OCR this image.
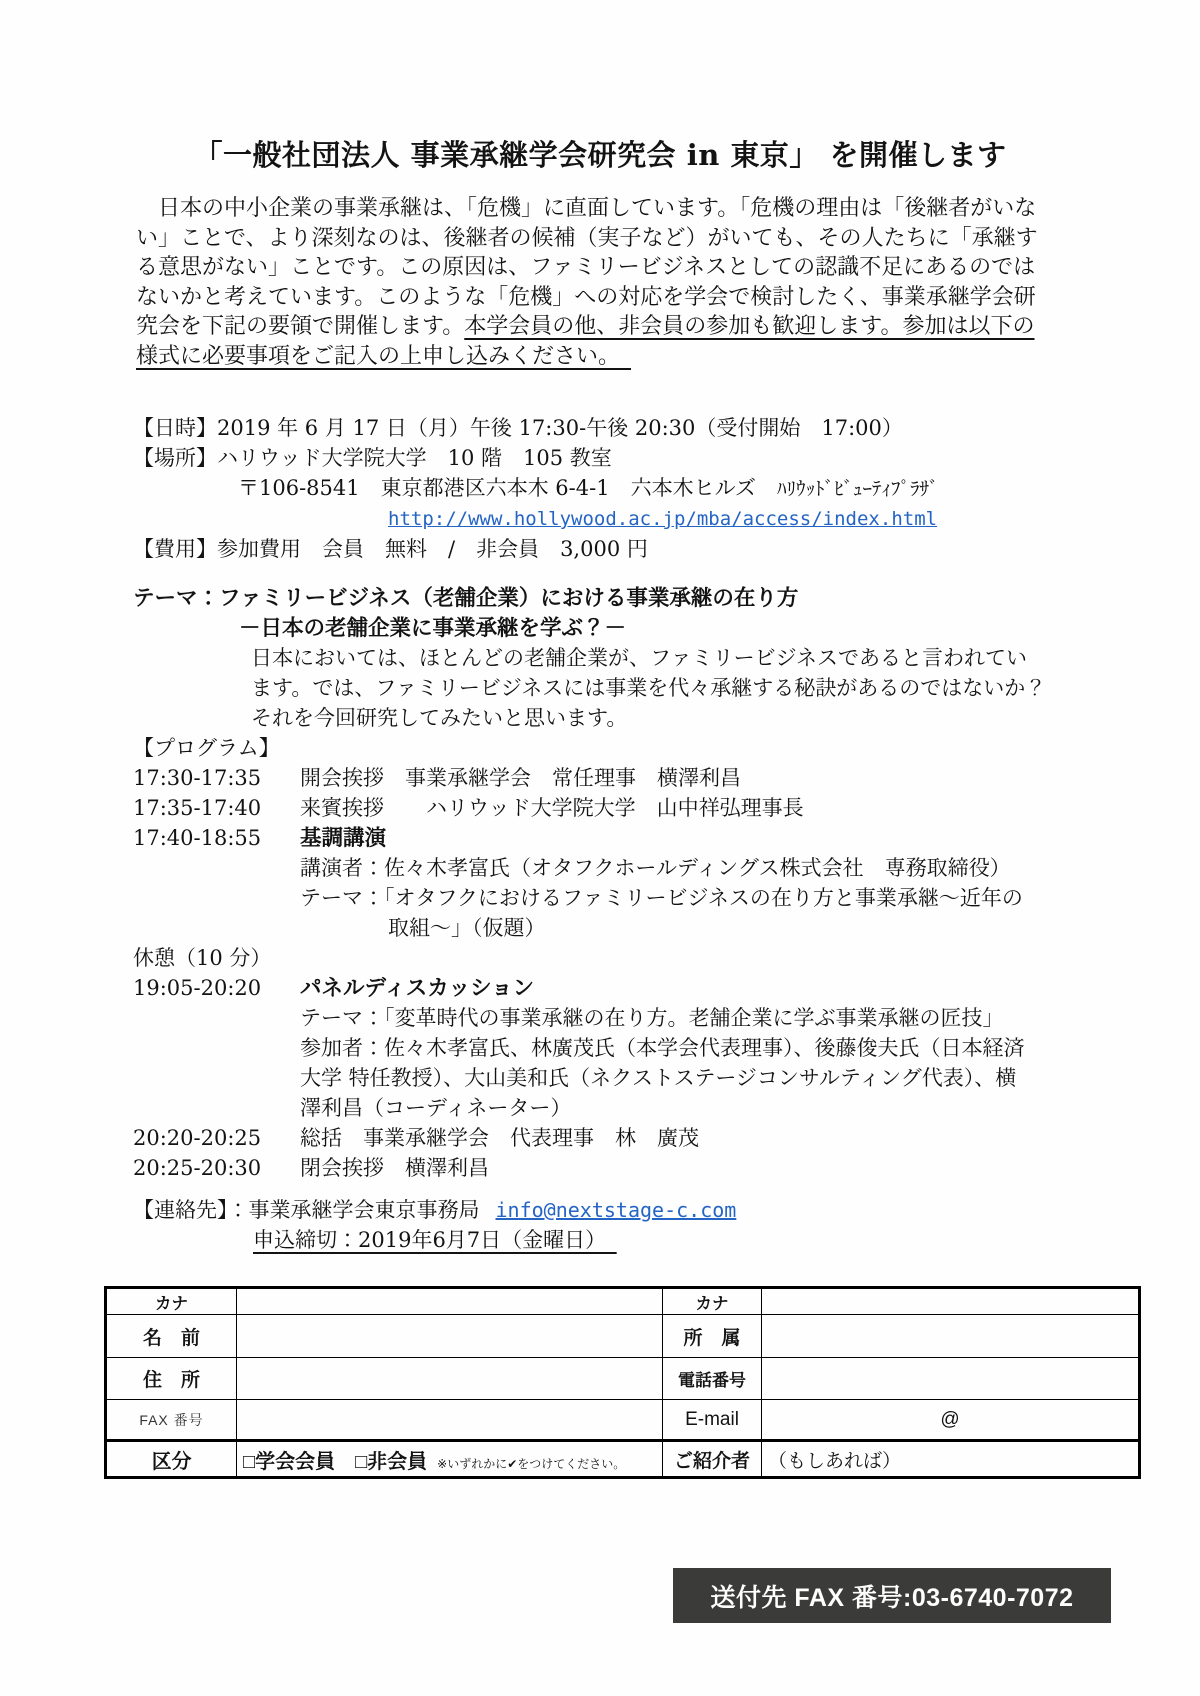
「一般社団法人 事業承継学会研究会 in 東京」 を開催します
　日本の中小企業の事業承継は、「危機」に直面しています。「危機の理由は「後継者がいな
い」ことで、より深刻なのは、後継者の候補（実子など）がいても、その人たちに「承継す
る意思がない」ことです。この原因は、ファミリービジネスとしての認識不足にあるのでは
ないかと考えています。このような「危機」への対応を学会で検討したく、事業承継学会研
究会を下記の要領で開催します。本学会員の他、非会員の参加も歓迎します。参加は以下の
様式に必要事項をご記入の上申し込みください。　
【日時】2019 年 6 月 17 日（月）午後 17:30-午後 20:30（受付開始　17:00）
【場所】ハリウッド大学院大学　10 階　105 教室
〒106-8541　東京都港区六本木 6-4-1　六本木ヒルズ　ﾊﾘｳｯﾄﾞﾋﾞｭｰﾃｨﾌﾟﾗｻﾞ
http://www.hollywood.ac.jp/mba/access/index.html
【費用】参加費用　会員　無料　/　非会員　3,000 円
テーマ：ファミリービジネス（老舗企業）における事業承継の在り方
－日本の老舗企業に事業承継を学ぶ？－
日本においては、ほとんどの老舗企業が、ファミリービジネスであると言われてい
ます。では、ファミリービジネスには事業を代々承継する秘訣があるのではないか？
それを今回研究してみたいと思います。
【プログラム】
17:30-17:35 開会挨拶　事業承継学会　常任理事　横澤利昌
17:35-17:40 来賓挨拶　　ハリウッド大学院大学　山中祥弘理事長
17:40-18:55 基調講演
講演者：佐々木孝富氏（オタフクホールディングス株式会社　専務取締役）
テーマ：「オタフクにおけるファミリービジネスの在り方と事業承継～近年の
取組～」（仮題）
休憩（10 分）
19:05-20:20 パネルディスカッション
テーマ：「変革時代の事業承継の在り方。老舗企業に学ぶ事業承継の匠技」
参加者：佐々木孝富氏、林廣茂氏（本学会代表理事）、後藤俊夫氏（日本経済
大学 特任教授）、大山美和氏（ネクストステージコンサルティング代表）、横
澤利昌（コーディネーター）
20:20-20:25 総括　事業承継学会　代表理事　林　廣茂
20:25-20:30 閉会挨拶　横澤利昌
【連絡先】：事業承継学会東京事務局 info@nextstage-c.com
申込締切：2019年6月7日（金曜日）　
カナ		カナ	
名　前		所　属	
住　所		電話番号	
FAX 番号		E-mail	@
区分	□学会会員　□非会員 ※いずれかに✔をつけてください。	ご紹介者	（もしあれば）
送付先 FAX 番号:03-6740-7072
